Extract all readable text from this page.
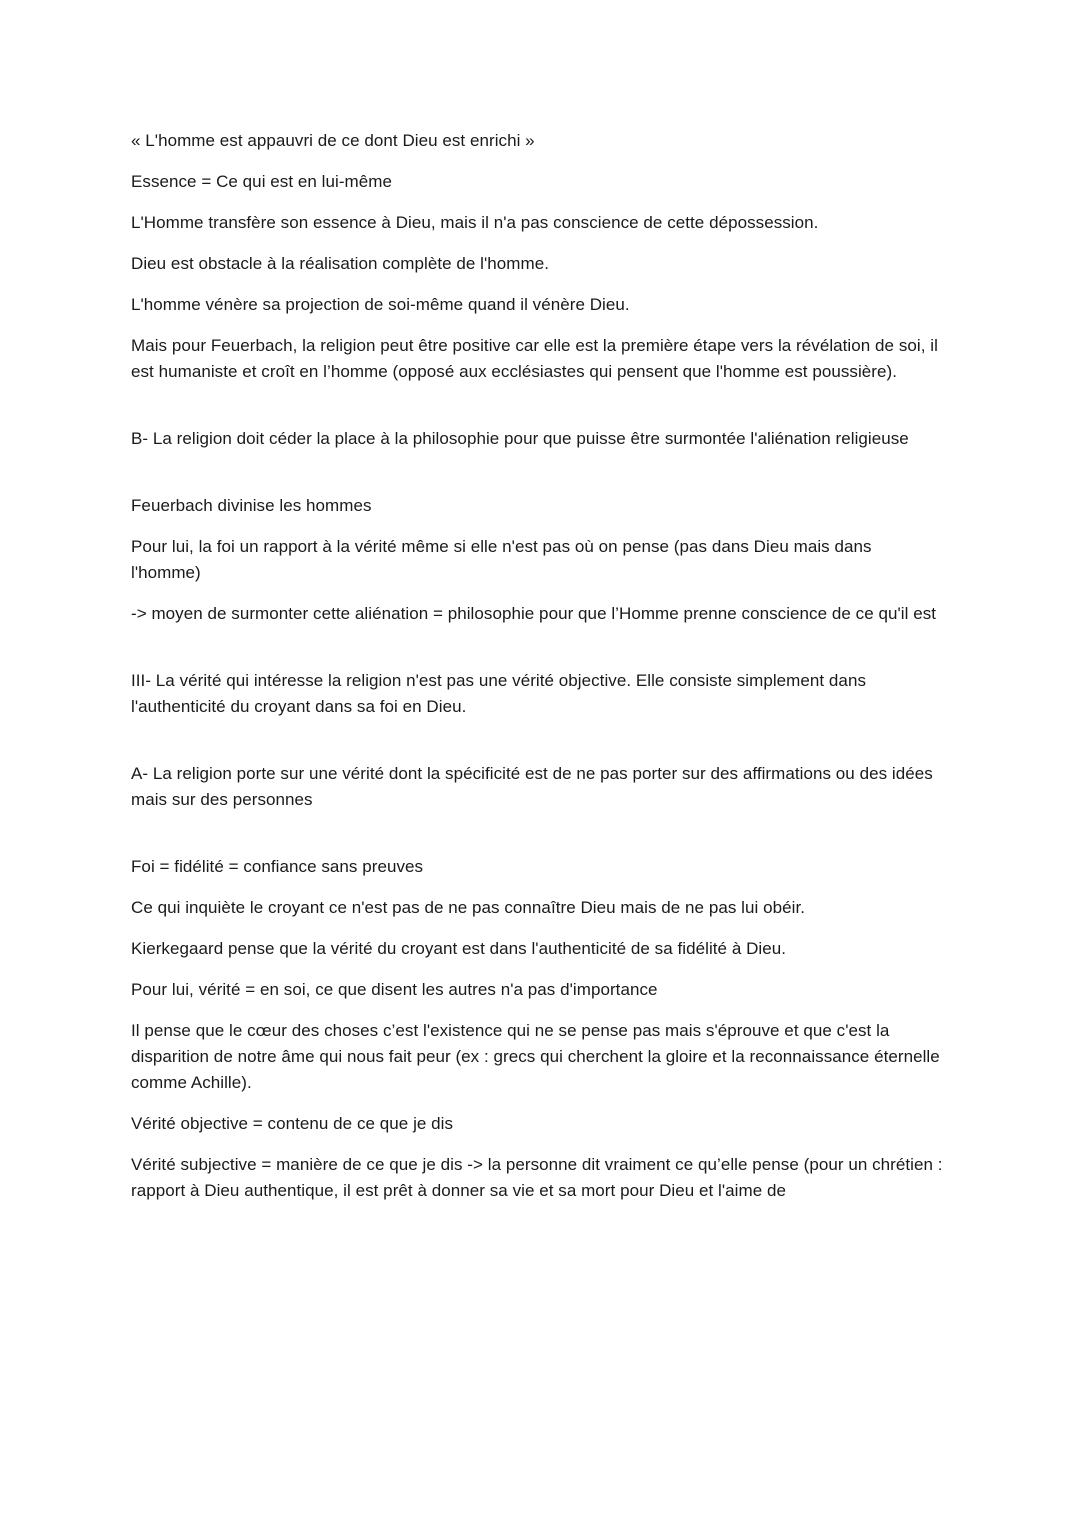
« L'homme est appauvri de ce dont Dieu est enrichi »

Essence = Ce qui est en lui-même

L'Homme transfère son essence à Dieu, mais il n'a pas conscience de cette dépossession.

Dieu est obstacle à la réalisation complète de l'homme.

L'homme vénère sa projection de soi-même quand il vénère Dieu.

Mais pour Feuerbach, la religion peut être positive car elle est la première étape vers la révélation de soi, il est humaniste et croît en l’homme (opposé aux ecclésiastes qui pensent que l'homme est poussière).

B- La religion doit céder la place à la philosophie pour que puisse être surmontée l'aliénation religieuse

Feuerbach divinise les hommes

Pour lui, la foi un rapport à la vérité même si elle n'est pas où on pense (pas dans Dieu mais dans l'homme)

-> moyen de surmonter cette aliénation = philosophie pour que l’Homme prenne conscience de ce qu'il est

III- La vérité qui intéresse la religion n'est pas une vérité objective. Elle consiste simplement dans l'authenticité du croyant dans sa foi en Dieu.

A- La religion porte sur une vérité dont la spécificité est de ne pas porter sur des affirmations ou des idées mais sur des personnes

Foi = fidélité = confiance sans preuves

Ce qui inquiète le croyant ce n'est pas de ne pas connaître Dieu mais de ne pas lui obéir.

Kierkegaard pense que la vérité du croyant est dans l'authenticité de sa fidélité à Dieu.

Pour lui, vérité = en soi, ce que disent les autres n'a pas d'importance

Il pense que le cœur des choses c’est l'existence qui ne se pense pas mais s'éprouve et que c'est la disparition de notre âme qui nous fait peur (ex : grecs qui cherchent la gloire et la reconnaissance éternelle comme Achille).

Vérité objective = contenu de ce que je dis

Vérité subjective = manière de ce que je dis -> la personne dit vraiment ce qu’elle pense (pour un chrétien : rapport à Dieu authentique, il est prêt à donner sa vie et sa mort pour Dieu et l'aime de
